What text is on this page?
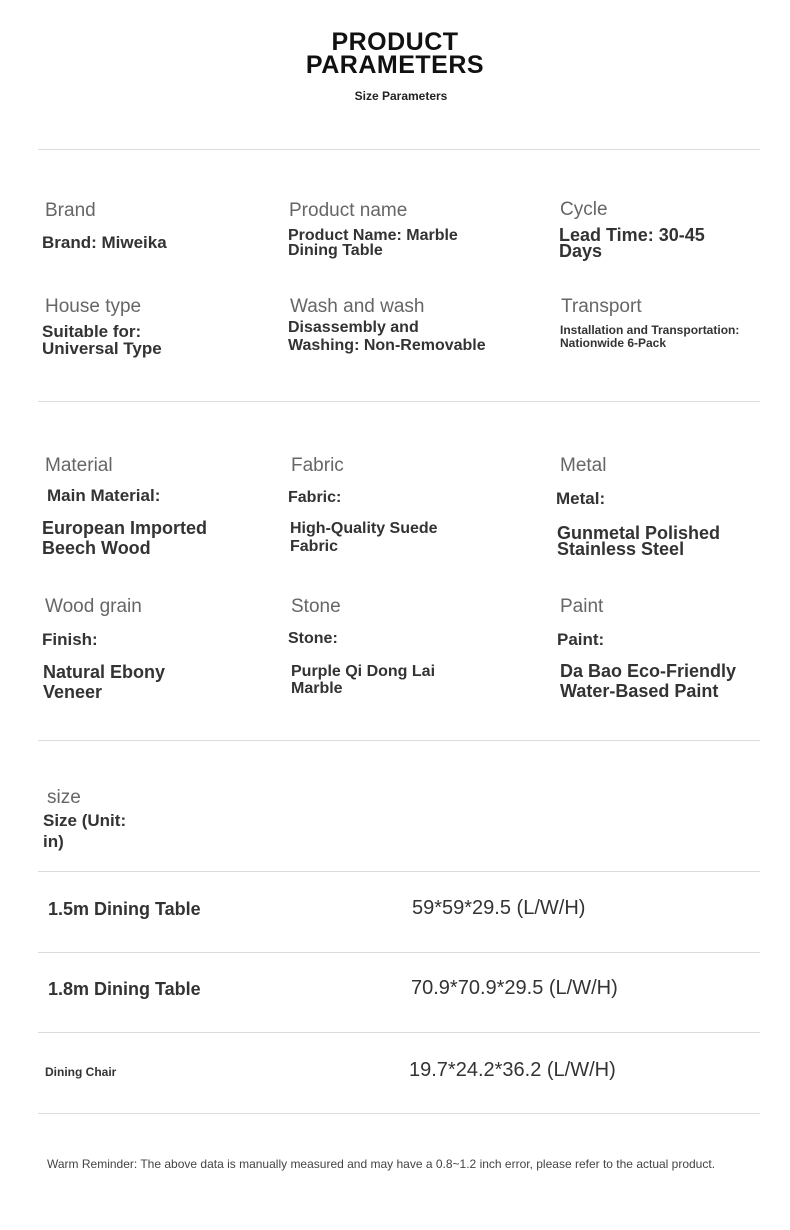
PRODUCT
PARAMETERS
Size Parameters
Brand
Brand: Miweika
Product name
Product Name: Marble
Dining Table
Cycle
Lead Time: 30-45
Days
House type
Suitable for:
Universal Type
Wash and wash
Disassembly and
Washing: Non-Removable
Transport
Installation and Transportation:
Nationwide 6-Pack
Material
Main Material:
European Imported
Beech Wood
Fabric
Fabric:
High-Quality Suede
Fabric
Metal
Metal:
Gunmetal Polished
Stainless Steel
Wood grain
Finish:
Natural Ebony
Veneer
Stone
Stone:
Purple Qi Dong Lai
Marble
Paint
Paint:
Da Bao Eco-Friendly
Water-Based Paint
size
Size (Unit:
in)
1.5m Dining Table	59*59*29.5 (L/W/H)
1.8m Dining Table	70.9*70.9*29.5 (L/W/H)
Dining Chair	19.7*24.2*36.2 (L/W/H)
Warm Reminder: The above data is manually measured and may have a 0.8~1.2 inch error, please refer to the actual product.
